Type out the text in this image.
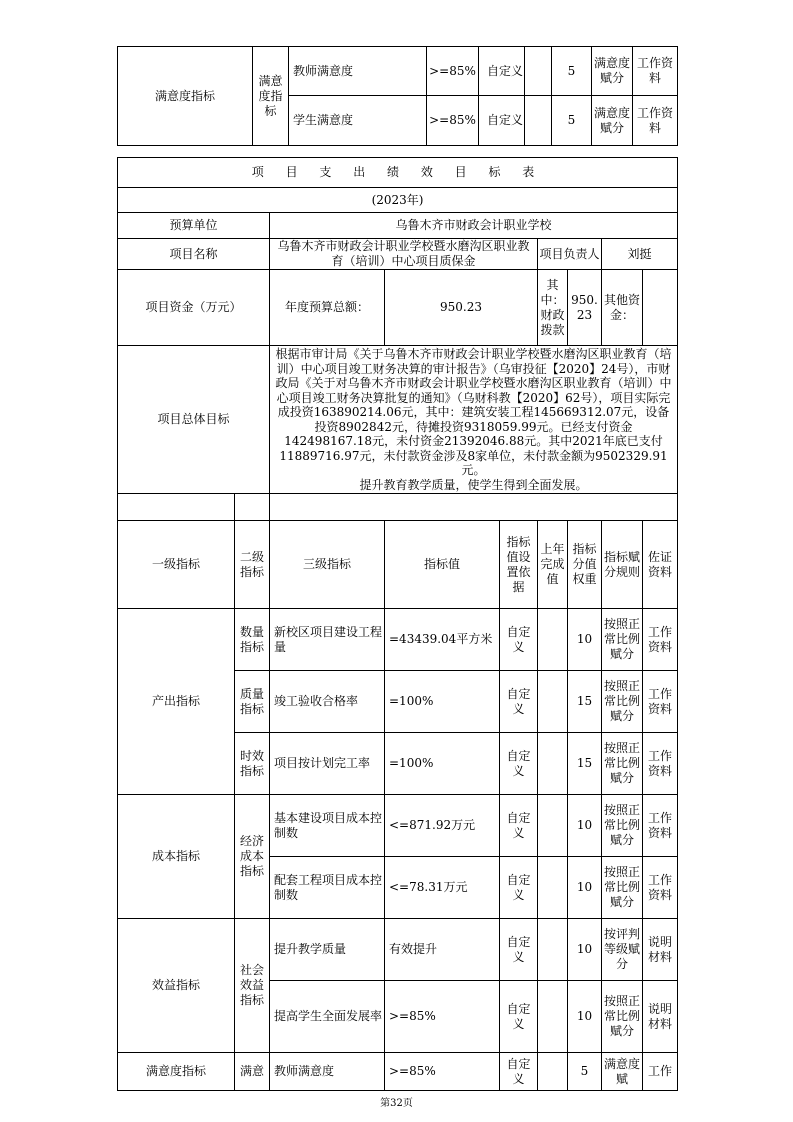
满意度指标	满意度指标	教师满意度	>=85%	自定义		5	满意度赋分	工作资料
		学生满意度	>=85%	自定义		5	满意度赋分	工作资料
项 目 支 出 绩 效 目 标 表								
(2023年)								
预算单位		乌鲁木齐市财政会计职业学校						
项目名称		乌鲁木齐市财政会计职业学校暨水磨沟区职业教育（培训）中心项目质保金			项目负责人		刘挺	
项目资金（万元）		年度预算总额：	950.23		其中：财政拨款	950.23	其他资金：	
项目总体目标		根据市审计局《关于乌鲁木齐市财政会计职业学校暨水磨沟区职业教育（培训）中心项目竣工财务决算的审计报告》（乌审投征【2020】24号），市财政局《关于对乌鲁木齐市财政会计职业学校暨水磨沟区职业教育（培训）中心项目竣工财务决算批复的通知》（乌财科教【2020】62号），项目实际完成投资163890214.06元，其中：建筑安装工程145669312.07元，设备投资8902842元，待摊投资9318059.99元。已经支付资金142498167.18元，未付资金21392046.88元。其中2021年底已支付11889716.97元，未付款资金涉及8家单位，未付款金额为9502329.91元。
提升教育教学质量，使学生得到全面发展。						

一级指标	二级指标	三级指标	指标值	指标值设置依据	上年完成值	指标分值权重	指标赋分规则	佐证资料
产出指标	数量指标	新校区项目建设工程量	=43439.04平方米	自定义		10	按照正常比例赋分	工作资料
	质量指标	竣工验收合格率	=100%	自定义		15	按照正常比例赋分	工作资料
	时效指标	项目按计划完工率	=100%	自定义		15	按照正常比例赋分	工作资料
成本指标	经济成本指标	基本建设项目成本控制数	<=871.92万元	自定义		10	按照正常比例赋分	工作资料
		配套工程项目成本控制数	<=78.31万元	自定义		10	按照正常比例赋分	工作资料
效益指标	社会效益指标	提升教学质量	有效提升	自定义		10	按评判等级赋分	说明材料
		提高学生全面发展率	>=85%	自定义		10	按照正常比例赋分	说明材料
满意度指标	满意	教师满意度	>=85%	自定义		5	满意度赋	工作
第32页
